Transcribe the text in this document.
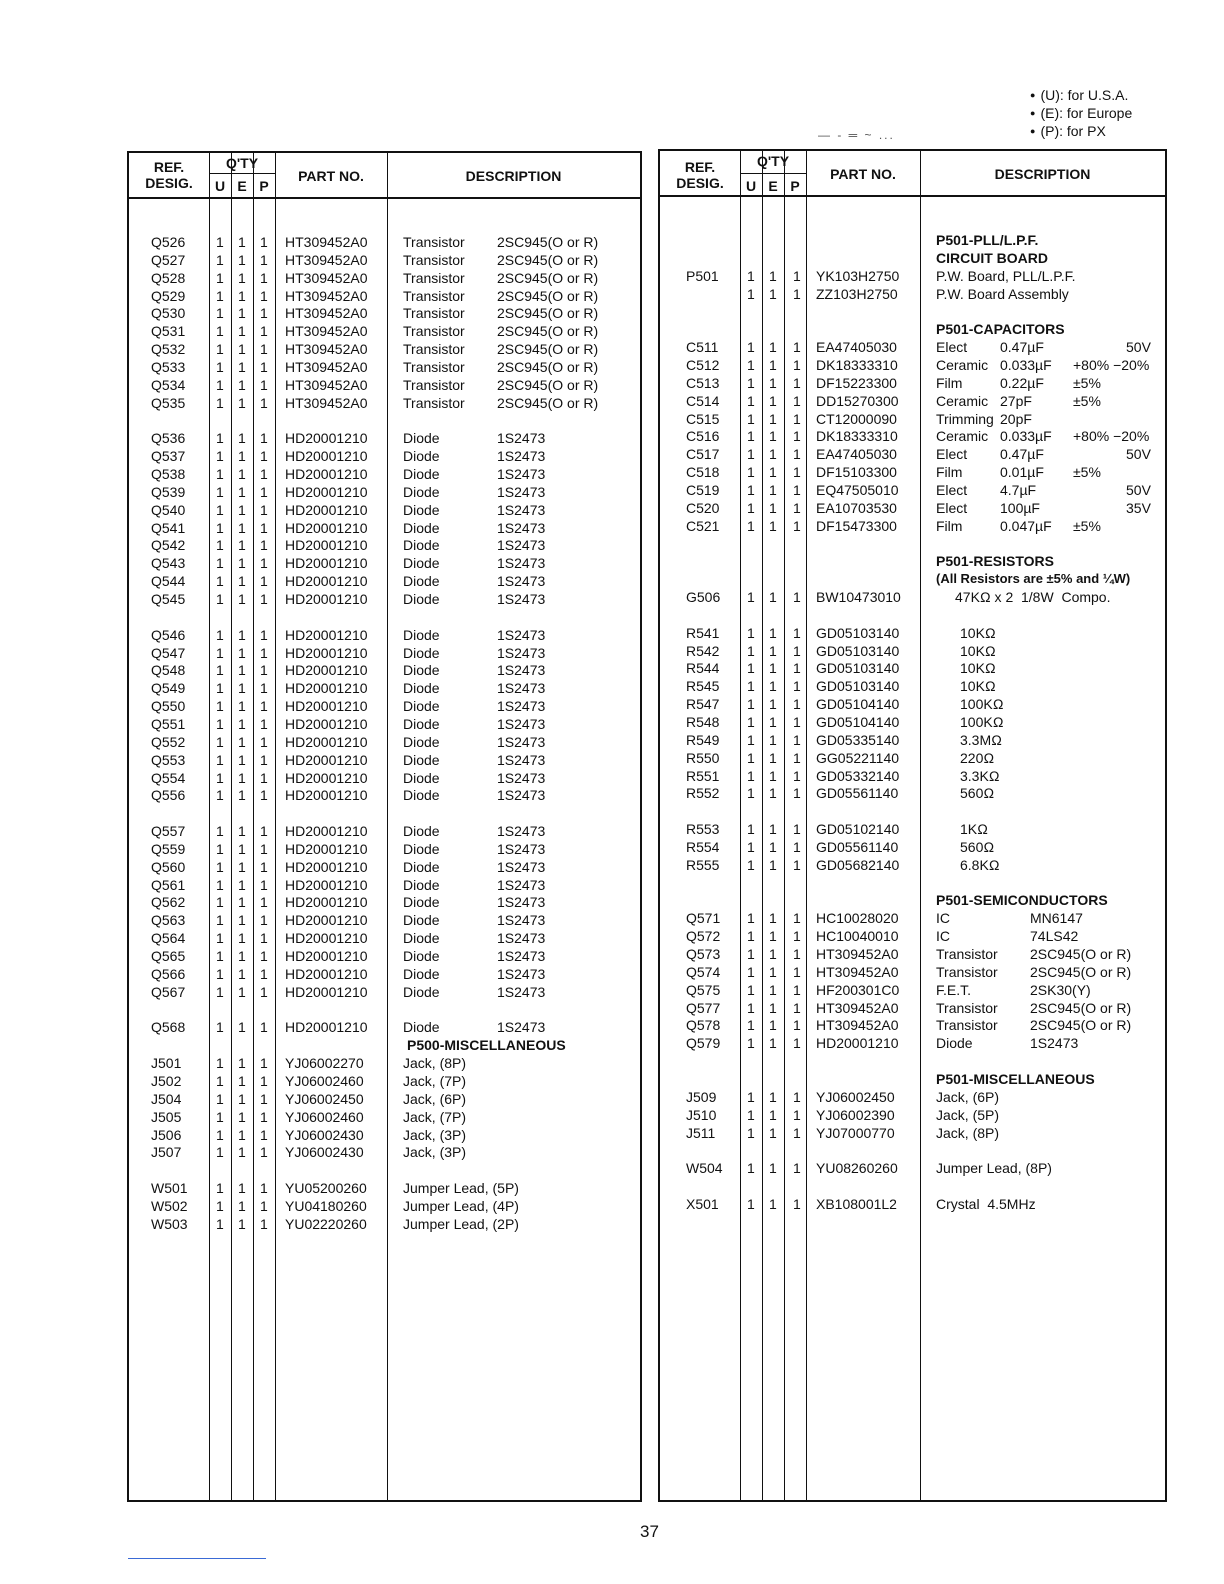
● (U): for U.S.A.
● (E): for Europe
● (P): for PX
— - ═ ~ ...
REF.
DESIG.
Q'TY
U E P
PART NO.	DESCRIPTION
P500-MISCELLANEOUS
Q526 1 1 1 HT309452A0	Transistor 2SC945(O or R)
Q527 1 1 1 HT309452A0	Transistor 2SC945(O or R)
Q528 1 1 1 HT309452A0	Transistor 2SC945(O or R)
Q529 1 1 1 HT309452A0	Transistor 2SC945(O or R)
Q530 1 1 1 HT309452A0	Transistor 2SC945(O or R)
Q531 1 1 1 HT309452A0	Transistor 2SC945(O or R)
Q532 1 1 1 HT309452A0	Transistor 2SC945(O or R)
Q533 1 1 1 HT309452A0	Transistor 2SC945(O or R)
Q534 1 1 1 HT309452A0	Transistor 2SC945(O or R)
Q535 1 1 1 HT309452A0	Transistor 2SC945(O or R)
Q536 1 1 1 HD20001210	Diode	1S2473
Q537 1 1 1 HD20001210	Diode	1S2473
Q538 1 1 1 HD20001210	Diode	1S2473
Q539 1 1 1 HD20001210	Diode	1S2473
Q540 1 1 1 HD20001210	Diode	1S2473
Q541 1 1 1 HD20001210	Diode	1S2473
Q542 1 1 1 HD20001210	Diode	1S2473
Q543 1 1 1 HD20001210	Diode	1S2473
Q544 1 1 1 HD20001210	Diode	1S2473
Q545 1 1 1 HD20001210	Diode	1S2473
Q546 1 1 1 HD20001210	Diode	1S2473
Q547 1 1 1 HD20001210	Diode	1S2473
Q548 1 1 1 HD20001210	Diode	1S2473
Q549 1 1 1 HD20001210	Diode	1S2473
Q550 1 1 1 HD20001210	Diode	1S2473
Q551 1 1 1 HD20001210	Diode	1S2473
Q552 1 1 1 HD20001210	Diode	1S2473
Q553 1 1 1 HD20001210	Diode	1S2473
Q554 1 1 1 HD20001210	Diode	1S2473
Q556 1 1 1 HD20001210	Diode	1S2473
Q557 1 1 1 HD20001210	Diode	1S2473
Q559 1 1 1 HD20001210	Diode	1S2473
Q560 1 1 1 HD20001210	Diode	1S2473
Q561 1 1 1 HD20001210	Diode	1S2473
Q562 1 1 1 HD20001210	Diode	1S2473
Q563 1 1 1 HD20001210	Diode	1S2473
Q564 1 1 1 HD20001210	Diode	1S2473
Q565 1 1 1 HD20001210	Diode	1S2473
Q566 1 1 1 HD20001210	Diode	1S2473
Q567 1 1 1 HD20001210	Diode	1S2473
Q568 1 1 1 HD20001210	Diode	1S2473
J501 1 1 1 YJ06002270	Jack, (8P)
J502 1 1 1 YJ06002460	Jack, (7P)
J504 1 1 1 YJ06002450	Jack, (6P)
J505 1 1 1 YJ06002460	Jack, (7P)
J506 1 1 1 YJ06002430	Jack, (3P)
J507 1 1 1 YJ06002430	Jack, (3P)
W501 1 1 1 YU05200260	Jumper Lead, (5P)
W502 1 1 1 YU04180260	Jumper Lead, (4P)
W503 1 1 1 YU02220260	Jumper Lead, (2P)
REF.
DESIG.
Q'TY
U E P
PART NO.	DESCRIPTION
P501-PLL/L.P.F.
CIRCUIT BOARD
P501-CAPACITORS
P501-RESISTORS
P501-SEMICONDUCTORS
P501-MISCELLANEOUS
(All Resistors are ±5% and ¼W)
P501 1 1 1 YK103H2750	P.W. Board, PLL/L.P.F.
1 1 1 ZZ103H2750	P.W. Board Assembly
C511 1 1 1 EA47405030	Elect 0.47µF	50V
C512 1 1 1 DK18333310	Ceramic 0.033µF +80% −20%
C513 1 1 1 DF15223300	Film	0.22µF ±5%
C514 1 1 1 DD15270300	Ceramic 27pF	±5%
C515 1 1 1 CT12000090	Trimming 20pF
C516 1 1 1 DK18333310	Ceramic 0.033µF +80% −20%
C517 1 1 1 EA47405030	Elect 0.47µF	50V
C518 1 1 1 DF15103300	Film	0.01µF ±5%
C519 1 1 1 EQ47505010	Elect 4.7µF	50V
C520 1 1 1 EA10703530	Elect 100µF	35V
C521 1 1 1 DF15473300	Film	0.047µF ±5%
G506 1 1 1 BW10473010	47KΩ x 2  1/8W  Compo.
R541 1 1 1 GD05103140	10KΩ
R542 1 1 1 GD05103140	10KΩ
R544 1 1 1 GD05103140	10KΩ
R545 1 1 1 GD05103140	10KΩ
R547 1 1 1 GD05104140	100KΩ
R548 1 1 1 GD05104140	100KΩ
R549 1 1 1 GD05335140	3.3MΩ
R550 1 1 1 GG05221140	220Ω
R551 1 1 1 GD05332140	3.3KΩ
R552 1 1 1 GD05561140	560Ω
R553 1 1 1 GD05102140	1KΩ
R554 1 1 1 GD05561140	560Ω
R555 1 1 1 GD05682140	6.8KΩ
Q571 1 1 1 HC10028020	IC	MN6147
Q572 1 1 1 HC10040010	IC	74LS42
Q573 1 1 1 HT309452A0	Transistor 2SC945(O or R)
Q574 1 1 1 HT309452A0	Transistor 2SC945(O or R)
Q575 1 1 1 HF200301C0	F.E.T.	2SK30(Y)
Q577 1 1 1 HT309452A0	Transistor 2SC945(O or R)
Q578 1 1 1 HT309452A0	Transistor 2SC945(O or R)
Q579 1 1 1 HD20001210	Diode	1S2473
J509 1 1 1 YJ06002450	Jack, (6P)
J510 1 1 1 YJ06002390	Jack, (5P)
J511 1 1 1 YJ07000770	Jack, (8P)
W504 1 1 1 YU08260260	Jumper Lead, (8P)
X501 1 1 1 XB108001L2	Crystal  4.5MHz
37
